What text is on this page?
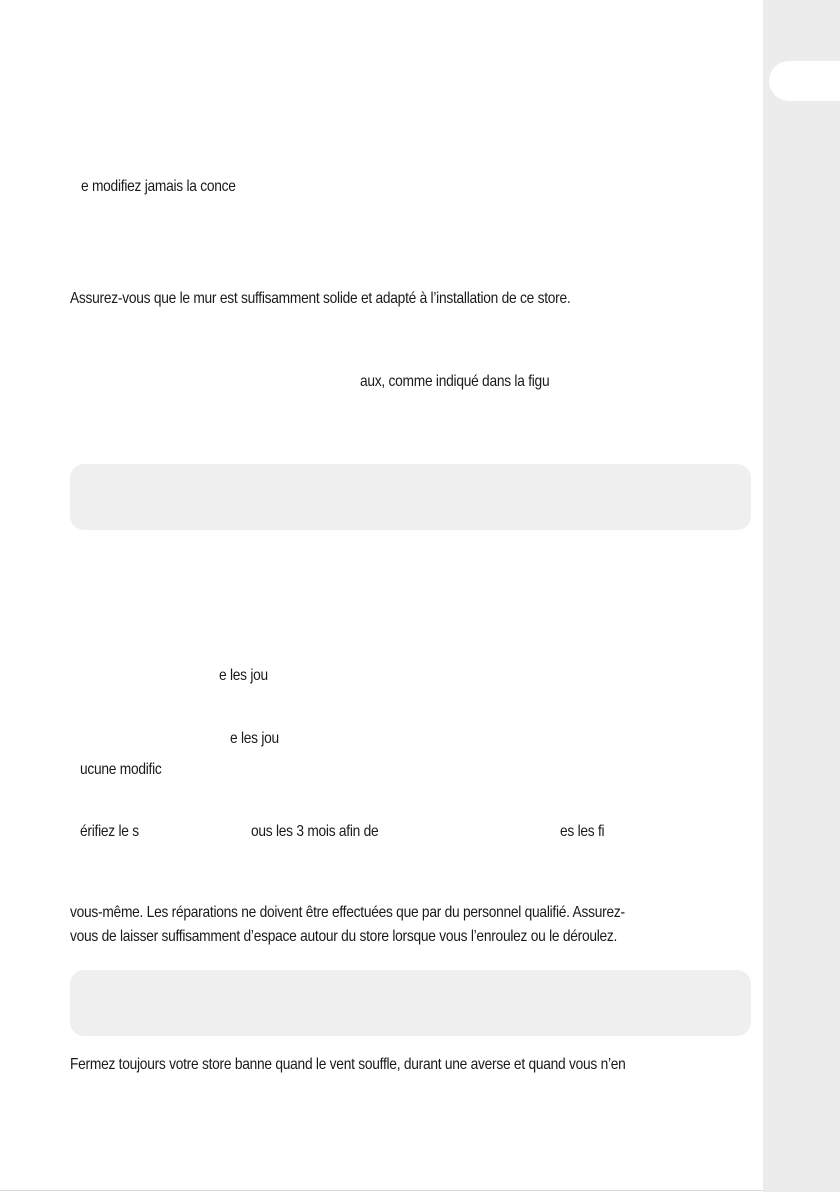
e modifiez jamais la conce
Assurez-vous que le mur est suffisamment solide et adapté à l’installation de ce store.
aux, comme indiqué dans la figu
e les jou
e les jou
ucune modific
érifiez le s	ous les 3 mois afin de	es les fi
vous-même. Les réparations ne doivent être effectuées que par du personnel qualifié. Assurez-
vous de laisser suffisamment d’espace autour du store lorsque vous l’enroulez ou le déroulez.
Fermez toujours votre store banne quand le vent souffle, durant une averse et quand vous n’en
